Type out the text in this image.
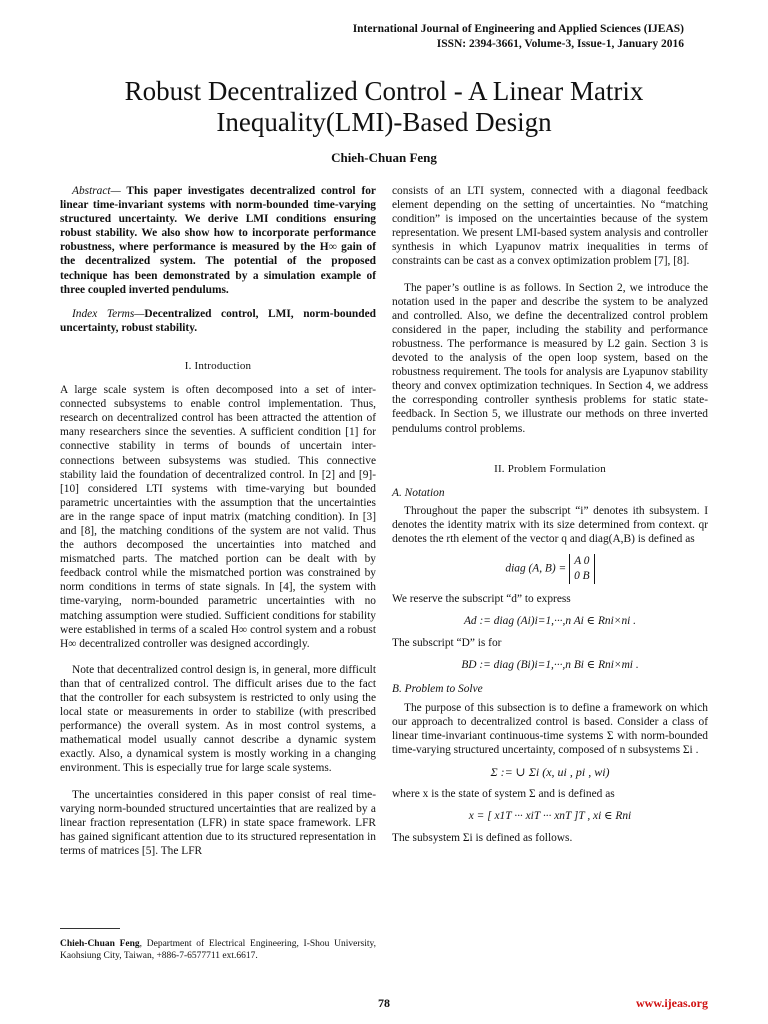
International Journal of Engineering and Applied Sciences (IJEAS)
ISSN: 2394-3661, Volume-3, Issue-1, January 2016
Robust Decentralized Control - A Linear Matrix
Inequality(LMI)-Based Design
Chieh-Chuan Feng

Abstract— This paper investigates decentralized control for linear time-invariant systems with norm-bounded time-varying structured uncertainty. We derive LMI conditions ensuring robust stability. We also show how to incorporate performance robustness, where performance is measured by the H∞ gain of the decentralized system. The potential of the proposed technique has been demonstrated by a simulation example of three coupled inverted pendulums.

Index Terms—Decentralized control, LMI, norm-bounded uncertainty, robust stability.

I. Introduction

A large scale system is often decomposed into a set of inter-connected subsystems to enable control implementation. Thus, research on decentralized control has been attracted the attention of many researchers since the seventies. A sufficient condition [1] for connective stability in terms of bounds of uncertain inter-connections between subsystems was studied. This connective stability laid the foundation of decentralized control. In [2] and [9]-[10] considered LTI systems with time-varying but bounded parametric uncertainties with the assumption that the uncertainties are in the range space of input matrix (matching condition). In [3] and [8], the matching conditions of the system are not valid. Thus the authors decomposed the uncertainties into matched and mismatched parts. The matched portion can be dealt with by feedback control while the mismatched portion was constrained by norm conditions in terms of state signals. In [4], the system with time-varying, norm-bounded parametric uncertainties with no matching assumption were studied. Sufficient conditions for stability were established in terms of a scaled H∞ control system and a robust H∞ decentralized controller was designed accordingly.

Note that decentralized control design is, in general, more difficult than that of centralized control. The difficult arises due to the fact that the controller for each subsystem is restricted to only using the local state or measurements in order to stabilize (with prescribed performance) the overall system. As in most control systems, a mathematical model usually cannot describe a dynamic system exactly. Also, a dynamical system is mostly working in a changing environment. This is especially true for large scale systems.

The uncertainties considered in this paper consist of real time-varying norm-bounded structured uncertainties that are realized by a linear fraction representation (LFR) in state space framework. LFR has gained significant attention due to its structured representation in terms of matrices [5]. The LFR

consists of an LTI system, connected with a diagonal feedback element depending on the setting of uncertainties. No “matching condition” is imposed on the uncertainties because of the system representation. We present LMI-based system analysis and controller synthesis in which Lyapunov matrix inequalities in terms of constraints can be cast as a convex optimization problem [7], [8].

The paper’s outline is as follows. In Section 2, we introduce the notation used in the paper and describe the system to be analyzed and controlled. Also, we define the decentralized control problem considered in the paper, including the stability and performance robustness. The performance is measured by L2 gain. Section 3 is devoted to the analysis of the open loop system, based on the robustness requirement. The tools for analysis are Lyapunov stability theory and convex optimization techniques. In Section 4, we address the corresponding controller synthesis problems for static state-feedback. In Section 5, we illustrate our methods on three inverted pendulums control problems.

II. Problem Formulation
A. Notation

Throughout the paper the subscript “i” denotes ith subsystem. I denotes the identity matrix with its size determined from context. qr denotes the rth element of the vector q and diag(A,B) is defined as

diag (A, B) = A 0
0 B

We reserve the subscript “d” to express

Ad := diag (Ai)i=1,···,n Ai ∈ Rni×ni .

The subscript “D” is for

BD := diag (Bi)i=1,···,n Bi ∈ Rni×mi .
B. Problem to Solve

The purpose of this subsection is to define a framework on which our approach to decentralized control is based. Consider a class of linear time-invariant continuous-time systems Σ with norm-bounded time-varying structured uncertainty, composed of n subsystems Σi .

Σ := ∪ Σi (x, ui , pi , wi)

where x is the state of system Σ and is defined as

x = [ x1T ··· xiT ··· xnT ]T , xi ∈ Rni

The subsystem Σi is defined as follows.

Chieh-Chuan Feng, Department of Electrical Engineering, I-Shou University, Kaohsiung City, Taiwan, +886-7-6577711 ext.6617.
78	www.ijeas.org
